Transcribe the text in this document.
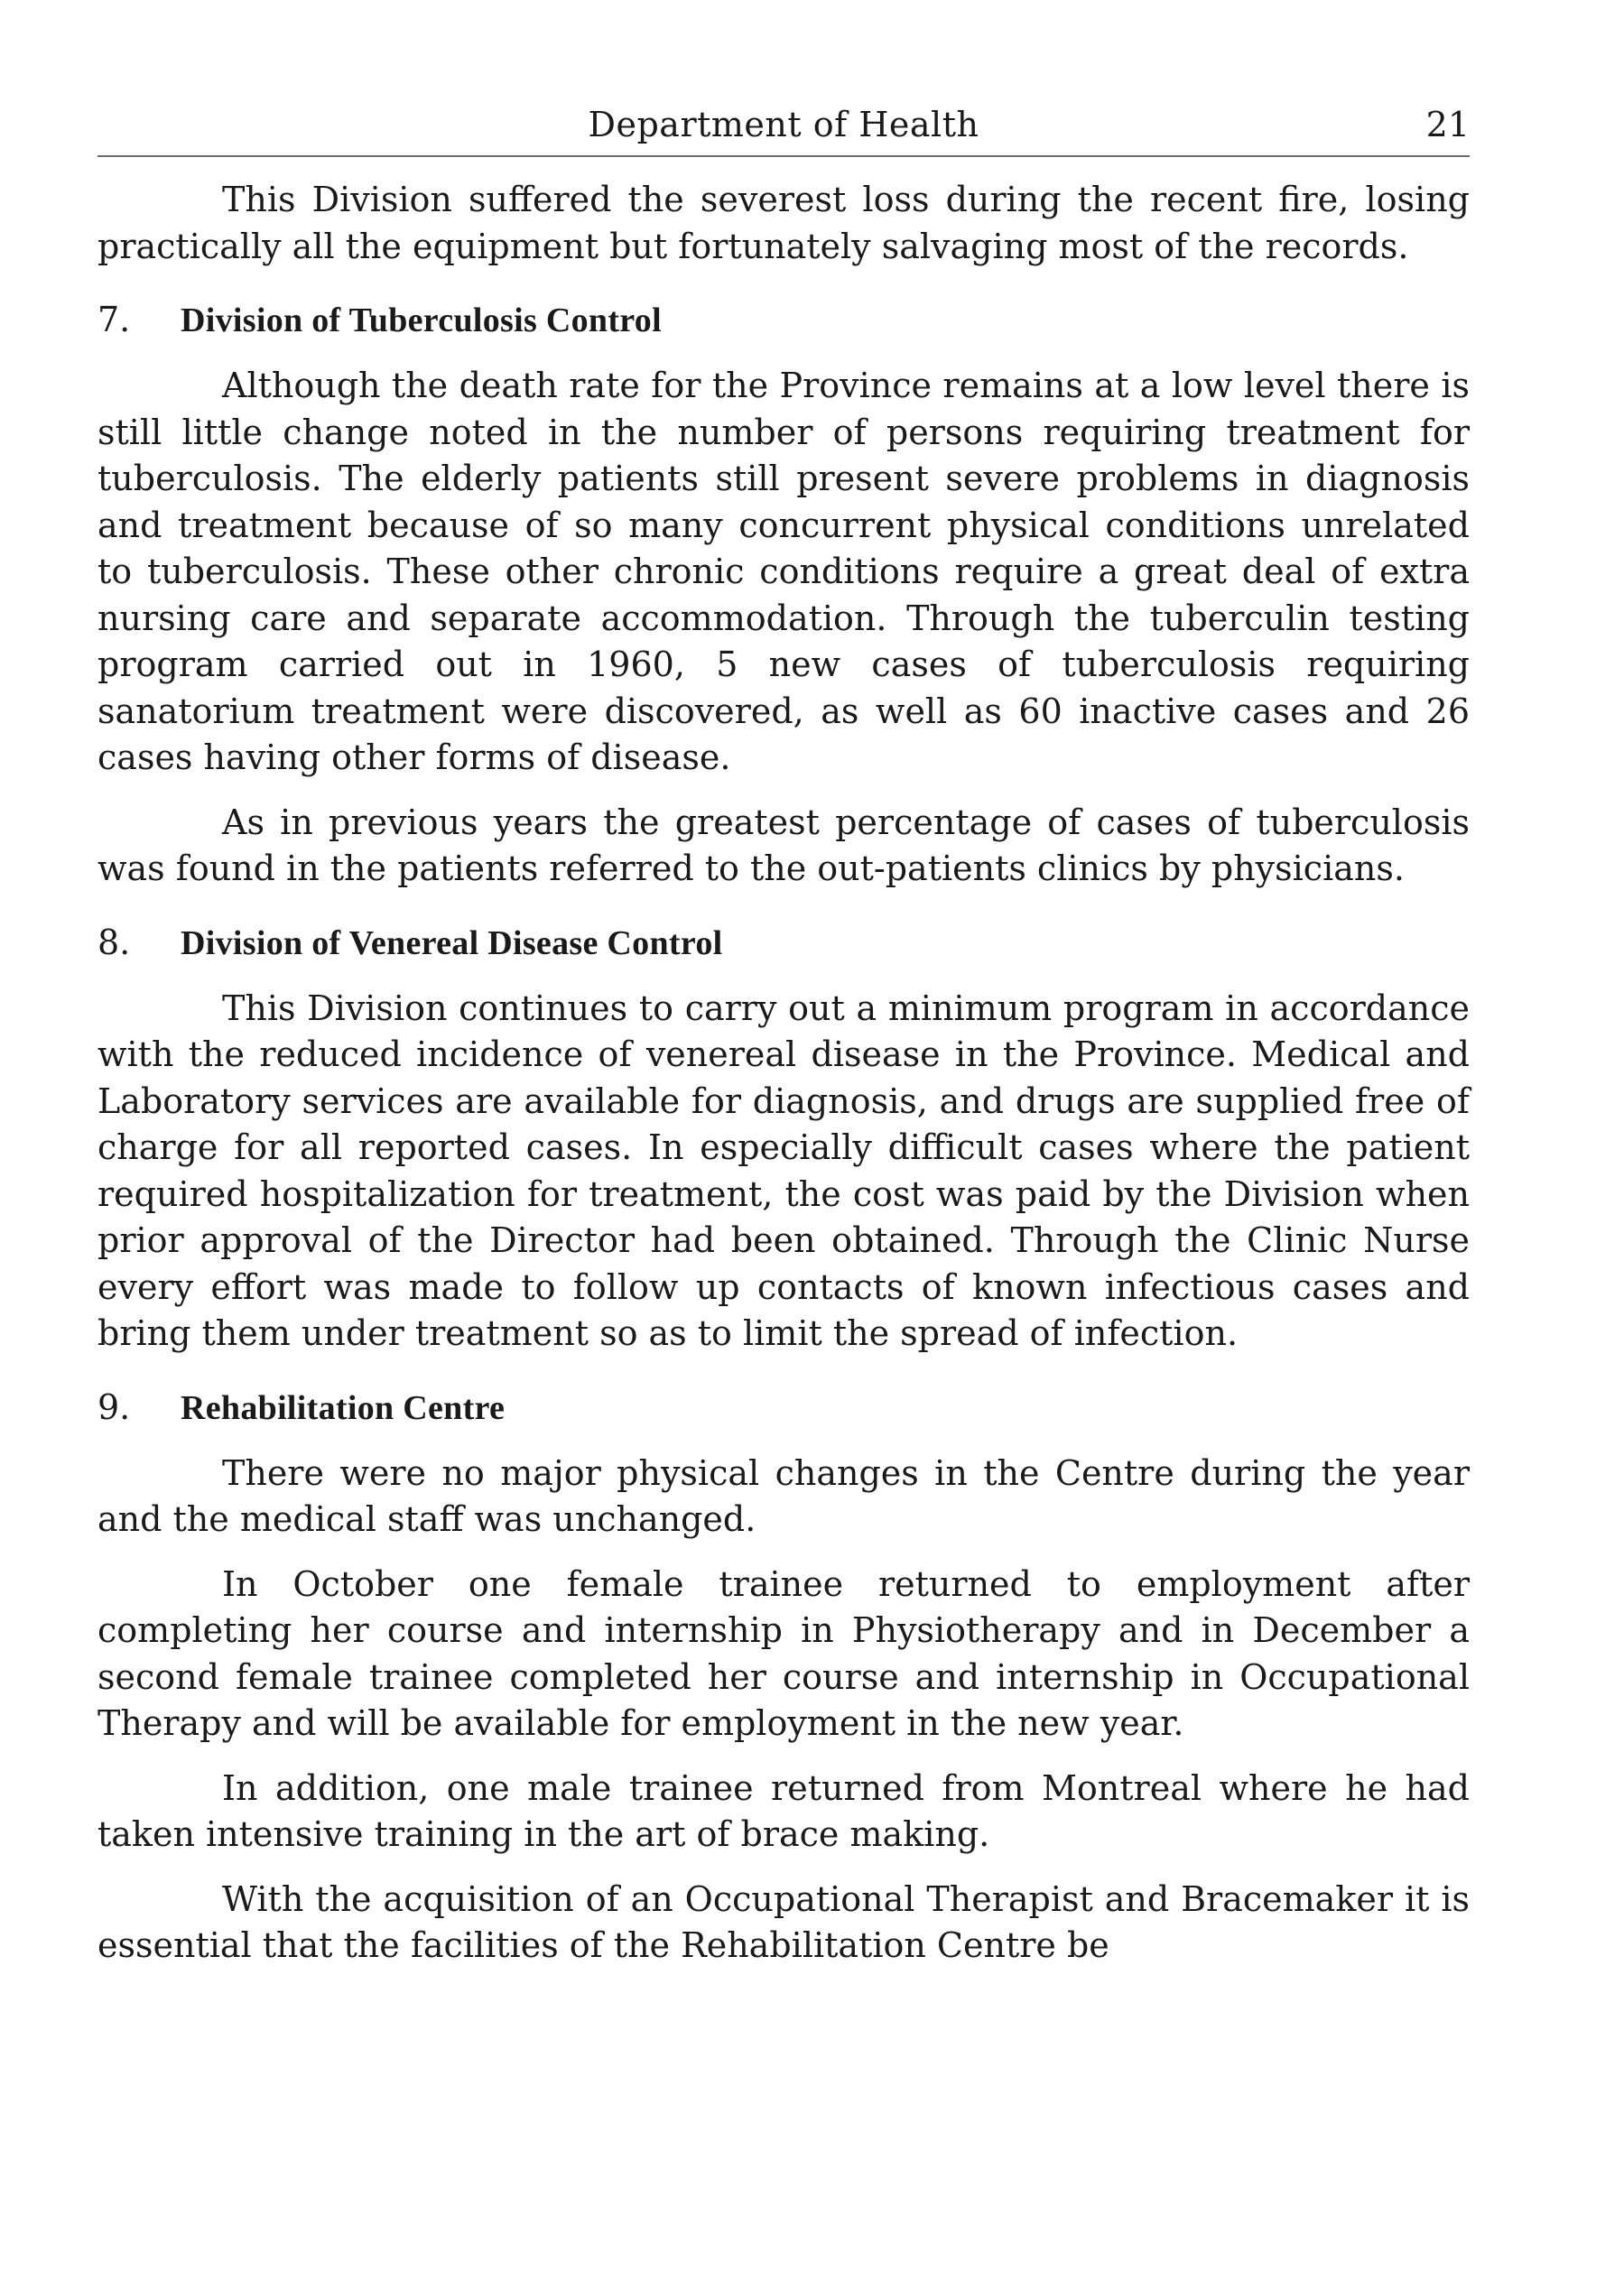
Department of Health	21

This Division suffered the severest loss during the recent fire, losing practically all the equipment but fortunately salvaging most of the records.

7. Division of Tuberculosis Control

Although the death rate for the Province remains at a low level there is still little change noted in the number of persons requiring treatment for tuberculosis. The elderly patients still present severe problems in diagnosis and treatment because of so many concurrent physical conditions unrelated to tuberculosis. These other chronic conditions require a great deal of extra nursing care and separate accommodation. Through the tuberculin testing program carried out in 1960, 5 new cases of tuberculosis requiring sanatorium treatment were discovered, as well as 60 inactive cases and 26 cases having other forms of disease.

As in previous years the greatest percentage of cases of tuberculosis was found in the patients referred to the out-patients clinics by physicians.

8. Division of Venereal Disease Control

This Division continues to carry out a minimum program in accordance with the reduced incidence of venereal disease in the Province. Medical and Laboratory services are available for diagnosis, and drugs are supplied free of charge for all reported cases. In especially difficult cases where the patient required hospitalization for treatment, the cost was paid by the Division when prior approval of the Director had been obtained. Through the Clinic Nurse every effort was made to follow up contacts of known infectious cases and bring them under treatment so as to limit the spread of infection.

9. Rehabilitation Centre

There were no major physical changes in the Centre during the year and the medical staff was unchanged.

In October one female trainee returned to employment after completing her course and internship in Physiotherapy and in December a second female trainee completed her course and internship in Occupational Therapy and will be available for employment in the new year.

In addition, one male trainee returned from Montreal where he had taken intensive training in the art of brace making.

With the acquisition of an Occupational Therapist and Bracemaker it is essential that the facilities of the Rehabilitation Centre be
